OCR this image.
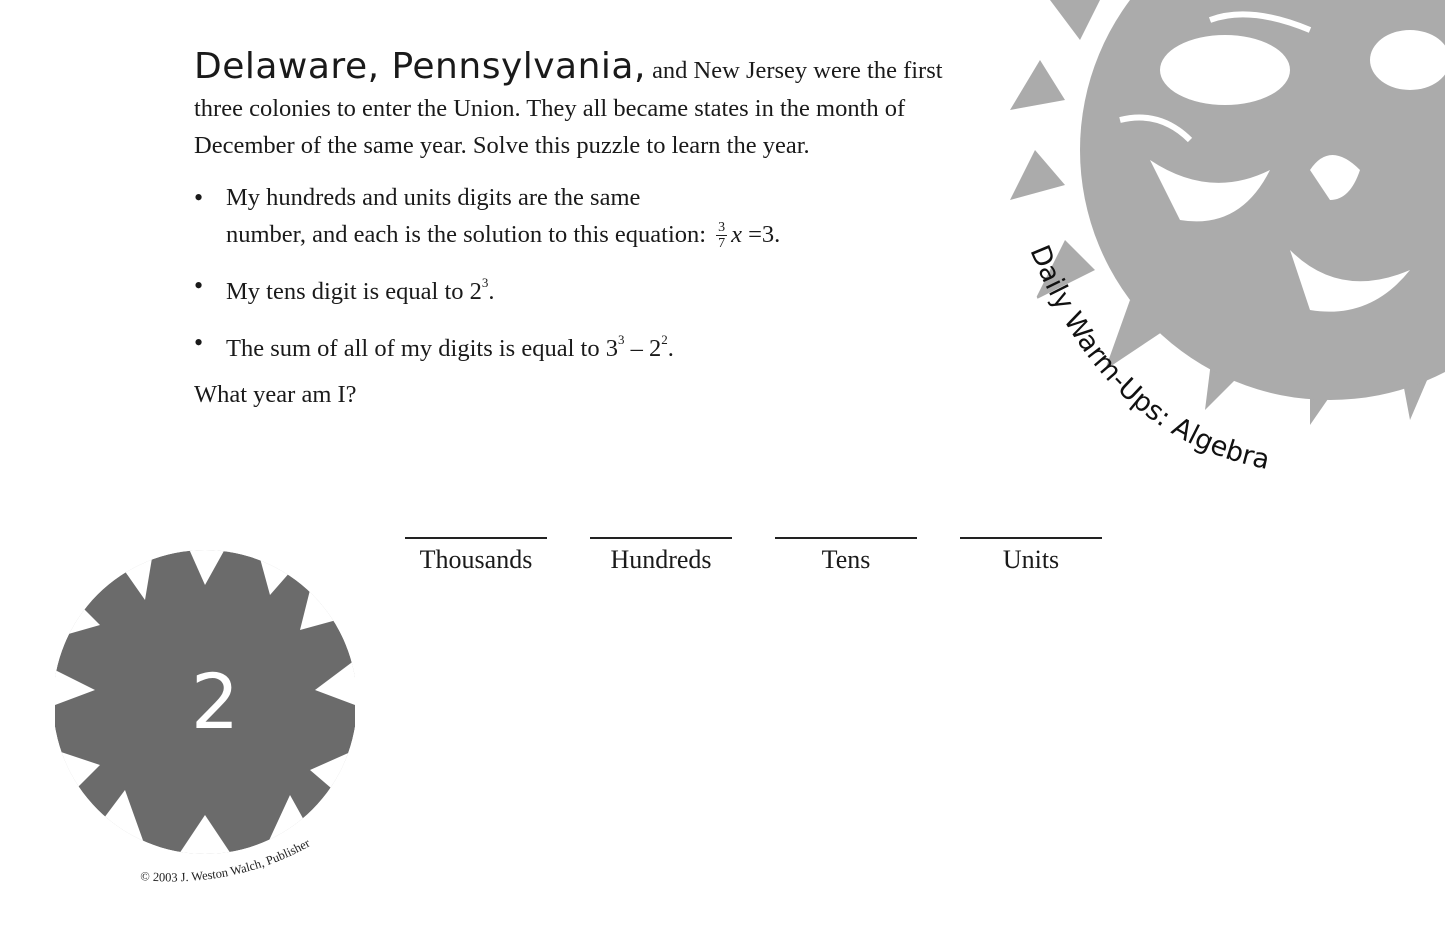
Daily Warm-Ups: Algebra

Delaware, Pennsylvania, and New Jersey were the first three colonies to enter the Union. They all became states in the month of December of the same year. Solve this puzzle to learn the year.

• My hundreds and units digits are the same
number, and each is the solution to this equation: $\frac{3}{7}$ x =3.
• My tens digit is equal to $2^3$.
• The sum of all of my digits is equal to $3^3 - 2^2$.

What year am I?

Thousands	Hundreds	Tens	Units
2
© 2003 J. Weston Walch, Publisher
